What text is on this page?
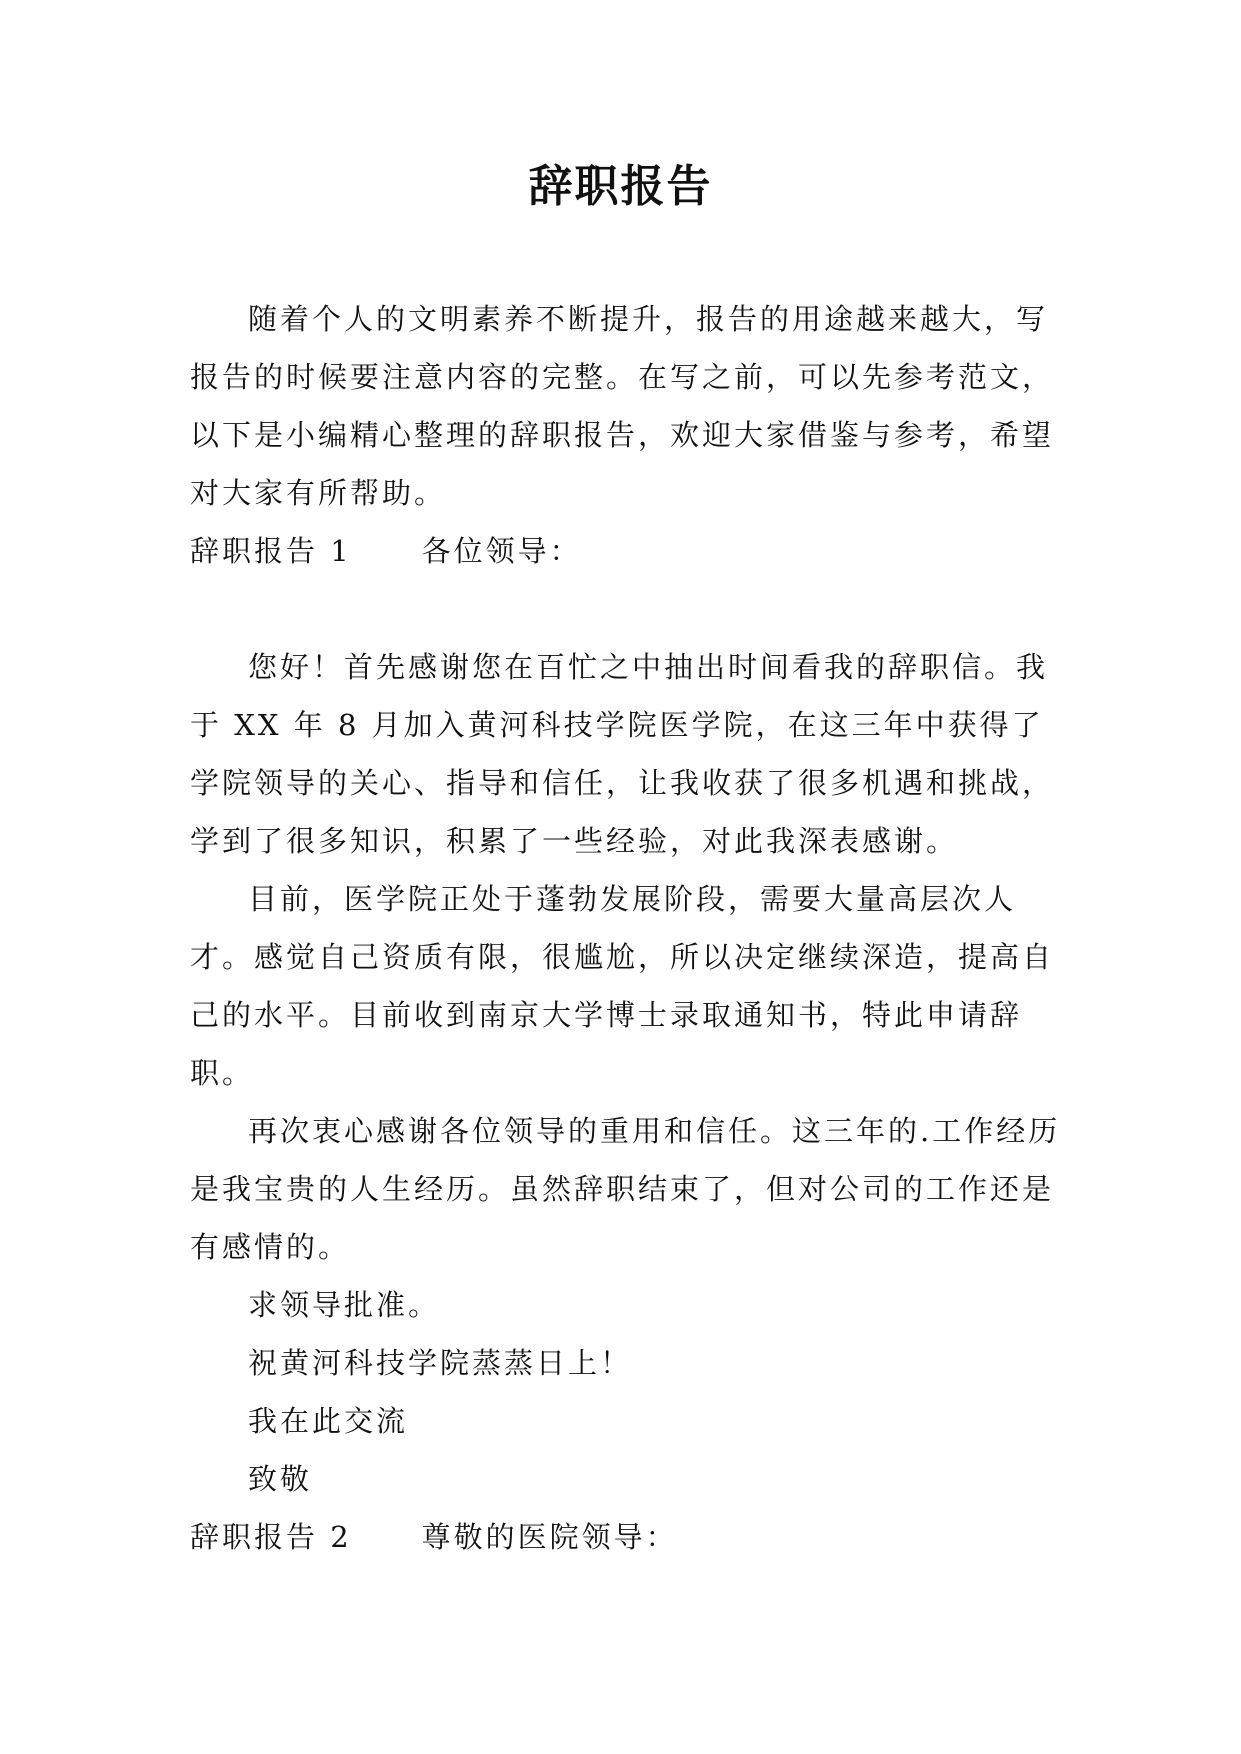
辞职报告

随着个人的文明素养不断提升，报告的用途越来越大，写报告的时候要注意内容的完整。在写之前，可以先参考范文，以下是小编精心整理的辞职报告，欢迎大家借鉴与参考，希望对大家有所帮助。

辞职报告 1 各位领导：

您好！首先感谢您在百忙之中抽出时间看我的辞职信。我于 XX 年 8 月加入黄河科技学院医学院，在这三年中获得了学院领导的关心、指导和信任，让我收获了很多机遇和挑战，学到了很多知识，积累了一些经验，对此我深表感谢。

目前，医学院正处于蓬勃发展阶段，需要大量高层次人才。感觉自己资质有限，很尴尬，所以决定继续深造，提高自己的水平。目前收到南京大学博士录取通知书，特此申请辞职。

再次衷心感谢各位领导的重用和信任。这三年的.工作经历是我宝贵的人生经历。虽然辞职结束了，但对公司的工作还是有感情的。

求领导批准。

祝黄河科技学院蒸蒸日上！

我在此交流

致敬

辞职报告 2 尊敬的医院领导：
